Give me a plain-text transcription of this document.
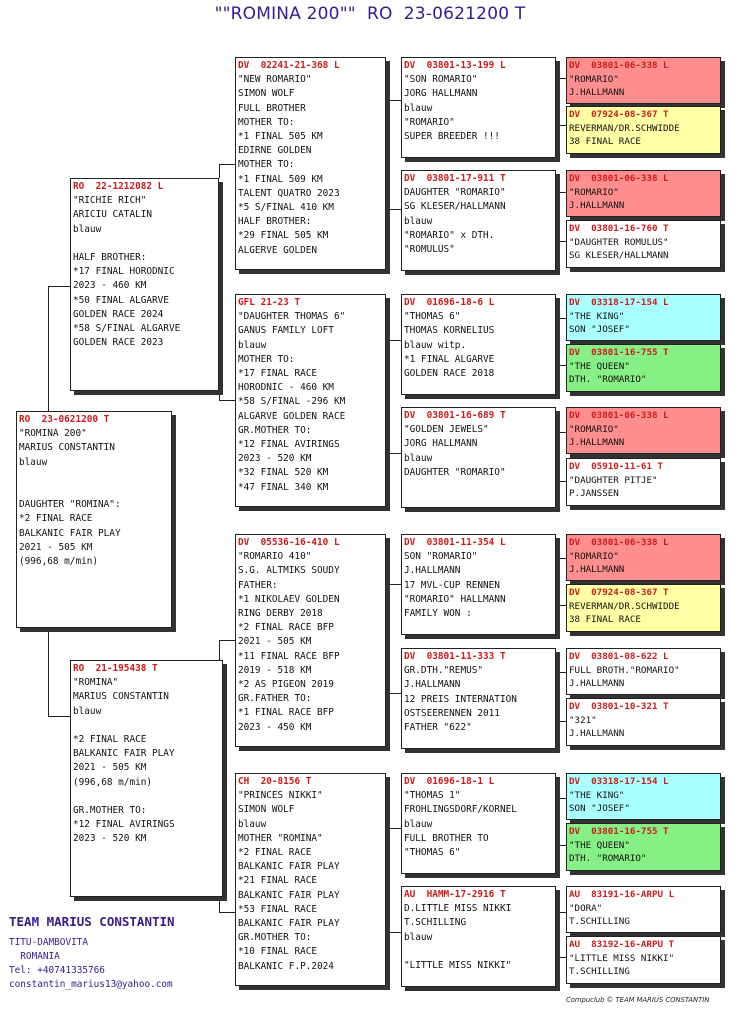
""ROMINA 200"" RO  23-0621200 T
RO  23-0621200 T
"ROMINA 200"
MARIUS CONSTANTIN
blauw
DAUGHTER "ROMINA":
*2 FINAL RACE
BALKANIC FAIR PLAY
2021 - 505 KM
(996,68 m/min)
RO  22-1212082 L
"RICHIE RICH"
ARICIU CATALIN
blauw
HALF BROTHER:
*17 FINAL HORODNIC
2023 - 460 KM
*50 FINAL ALGARVE
GOLDEN RACE 2024
*58 S/FINAL ALGARVE
GOLDEN RACE 2023
RO  21-195438 T
"ROMINA"
MARIUS CONSTANTIN
blauw
*2 FINAL RACE
BALKANIC FAIR PLAY
2021 - 505 KM
(996,68 m/min)
GR.MOTHER TO:
*12 FINAL AVIRINGS
2023 - 520 KM
DV  02241-21-368 L
"NEW ROMARIO"
SIMON WOLF
FULL BROTHER
MOTHER TO:
*1 FINAL 505 KM
EDIRNE GOLDEN
MOTHER TO:
*1 FINAL 509 KM
TALENT QUATRO 2023
*5 S/FINAL 410 KM
HALF BROTHER:
*29 FINAL 505 KM
ALGERVE GOLDEN
GFL 21-23 T
"DAUGHTER THOMAS 6"
GANUS FAMILY LOFT
blauw
MOTHER TO:
*17 FINAL RACE
HORODNIC - 460 KM
*58 S/FINAL -296 KM
ALGARVE GOLDEN RACE
GR.MOTHER TO:
*12 FINAL AVIRINGS
2023 - 520 KM
*32 FINAL 520 KM
*47 FINAL 340 KM
DV  05536-16-410 L
"ROMARIO 410"
S.G. ALTMIKS SOUDY
FATHER:
*1 NIKOLAEV GOLDEN
RING DERBY 2018
*2 FINAL RACE BFP
2021 - 505 KM
*11 FINAL RACE BFP
2019 - 518 KM
*2 AS PIGEON 2019
GR.FATHER TO:
*1 FINAL RACE BFP
2023 - 450 KM
CH  20-8156 T
"PRINCES NIKKI"
SIMON WOLF
blauw
MOTHER "ROMINA"
*2 FINAL RACE
BALKANIC FAIR PLAY
*21 FINAL RACE
BALKANIC FAIR PLAY
*53 FINAL RACE
BALKANIC FAIR PLAY
GR.MOTHER TO:
*10 FINAL RACE
BALKANIC F.P.2024
DV  03801-13-199 L
"SON ROMARIO"
JORG HALLMANN
blauw
"ROMARIO"
SUPER BREEDER !!!
DV  03801-17-911 T
DAUGHTER "ROMARIO"
SG KLESER/HALLMANN
blauw
"ROMARIO" x DTH.
"ROMULUS"
DV  01696-18-6 L
"THOMAS 6"
THOMAS KORNELIUS
blauw witp.
*1 FINAL ALGARVE
GOLDEN RACE 2018
DV  03801-16-689 T
"GOLDEN JEWELS"
JORG HALLMANN
blauw
DAUGHTER "ROMARIO"
DV  03801-11-354 L
SON "ROMARIO"
J.HALLMANN
17 MVL-CUP RENNEN
"ROMARIO" HALLMANN
FAMILY WON :
DV  03801-11-333 T
GR.DTH."REMUS"
J.HALLMANN
12 PREIS INTERNATION
OSTSEERENNEN 2011
FATHER "622"
DV  01696-18-1 L
"THOMAS 1"
FROHLINGSDORF/KORNEL
blauw
FULL BROTHER TO
"THOMAS 6"
AU  HAMM-17-2916 T
D.LITTLE MISS NIKKI
T.SCHILLING
blauw
"LITTLE MISS NIKKI"
DV  03801-06-338 L
"ROMARIO"
J.HALLMANN
DV  07924-08-367 T
REVERMAN/DR.SCHWIDDE
38 FINAL RACE
DV  03801-06-338 L
"ROMARIO"
J.HALLMANN
DV  03801-16-760 T
"DAUGHTER ROMULUS"
SG KLESER/HALLMANN
DV  03318-17-154 L
"THE KING"
SON "JOSEF"
DV  03801-16-755 T
"THE QUEEN"
DTH. "ROMARIO"
DV  03801-06-338 L
"ROMARIO"
J.HALLMANN
DV  05910-11-61 T
"DAUGHTER PITJE"
P.JANSSEN
DV  03801-06-338 L
"ROMARIO"
J.HALLMANN
DV  07924-08-367 T
REVERMAN/DR.SCHWIDDE
38 FINAL RACE
DV  03801-08-622 L
FULL BROTH."ROMARIO"
J.HALLMANN
DV  03801-10-321 T
"321"
J.HALLMANN
DV  03318-17-154 L
"THE KING"
SON "JOSEF"
DV  03801-16-755 T
"THE QUEEN"
DTH. "ROMARIO"
AU  83191-16-ARPU L
"DORA"
T.SCHILLING
AU  83192-16-ARPU T
"LITTLE MISS NIKKI"
T.SCHILLING
TEAM MARIUS CONSTANTIN
TITU-DAMBOVITA
ROMANIA
Tel: +40741335766
constantin_marius13@yahoo.com
Compuclub © TEAM MARIUS CONSTANTIN
